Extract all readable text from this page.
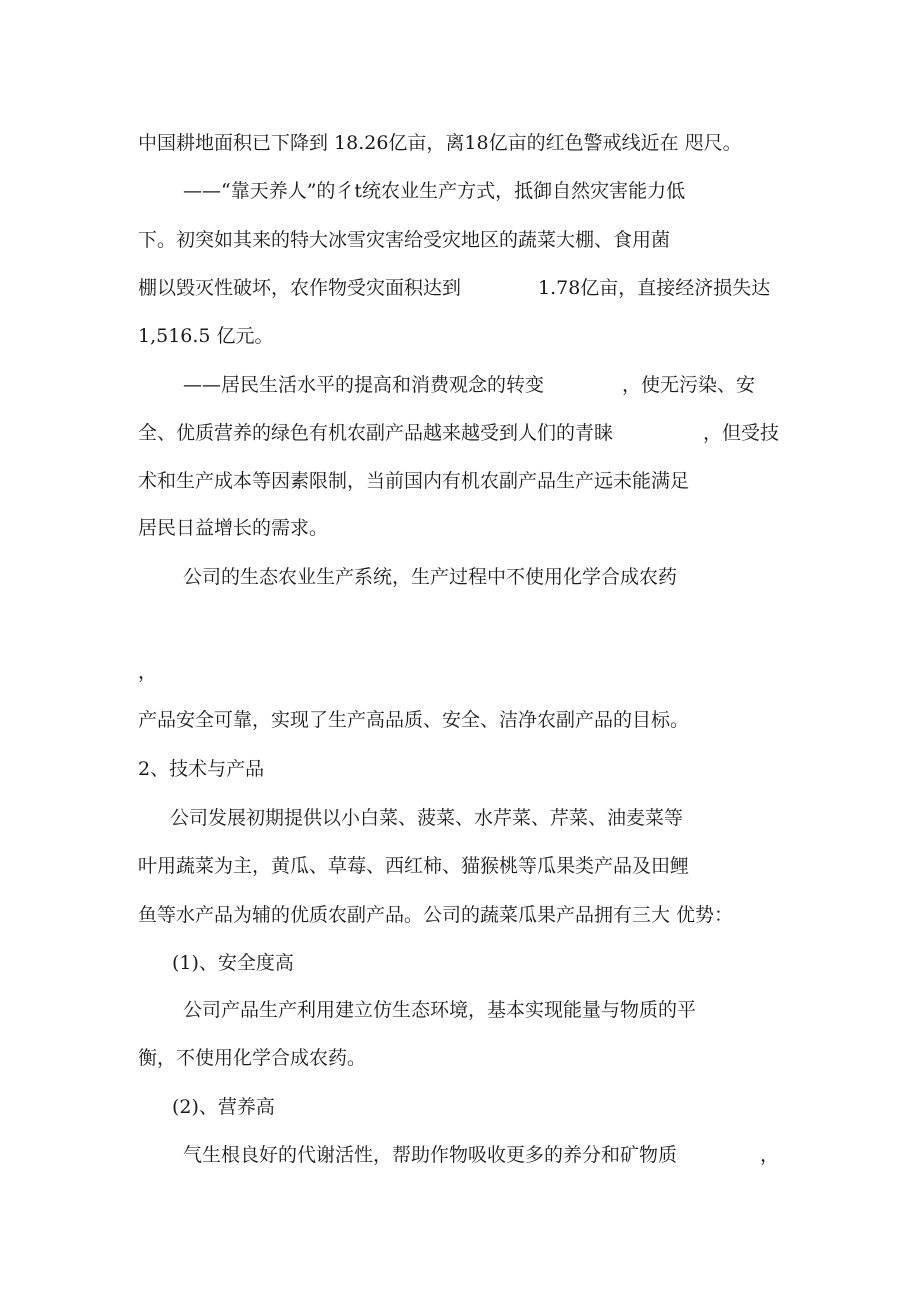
中国耕地面积已下降到 18.26亿亩，离18亿亩的红色警戒线近在 咫尺。
——“靠天养人”的彳t统农业生产方式，抵御自然灾害能力低
下。初突如其来的特大冰雪灾害给受灾地区的蔬菜大棚、食用菌
棚以毁灭性破坏，农作物受灾面积达到	1.78亿亩，直接经济损失达
1,516.5 亿元。
——居民生活水平的提高和消费观念的转变	，使无污染、安
全、优质营养的绿色有机农副产品越来越受到人们的青睐	，但受技
术和生产成本等因素限制，当前国内有机农副产品生产远未能满足
居民日益增长的需求。
公司的生态农业生产系统，生产过程中不使用化学合成农药
，
产品安全可靠，实现了生产高品质、安全、洁净农副产品的目标。
2、技术与产品
公司发展初期提供以小白菜、菠菜、水芹菜、芹菜、油麦菜等
叶用蔬菜为主，黄瓜、草莓、西红柿、猫猴桃等瓜果类产品及田鲤
鱼等水产品为辅的优质农副产品。公司的蔬菜瓜果产品拥有三大 优势：
(1)、安全度高
公司产品生产利用建立仿生态环境，基本实现能量与物质的平
衡，不使用化学合成农药。
(2)、营养高
气生根良好的代谢活性，帮助作物吸收更多的养分和矿物质	，
